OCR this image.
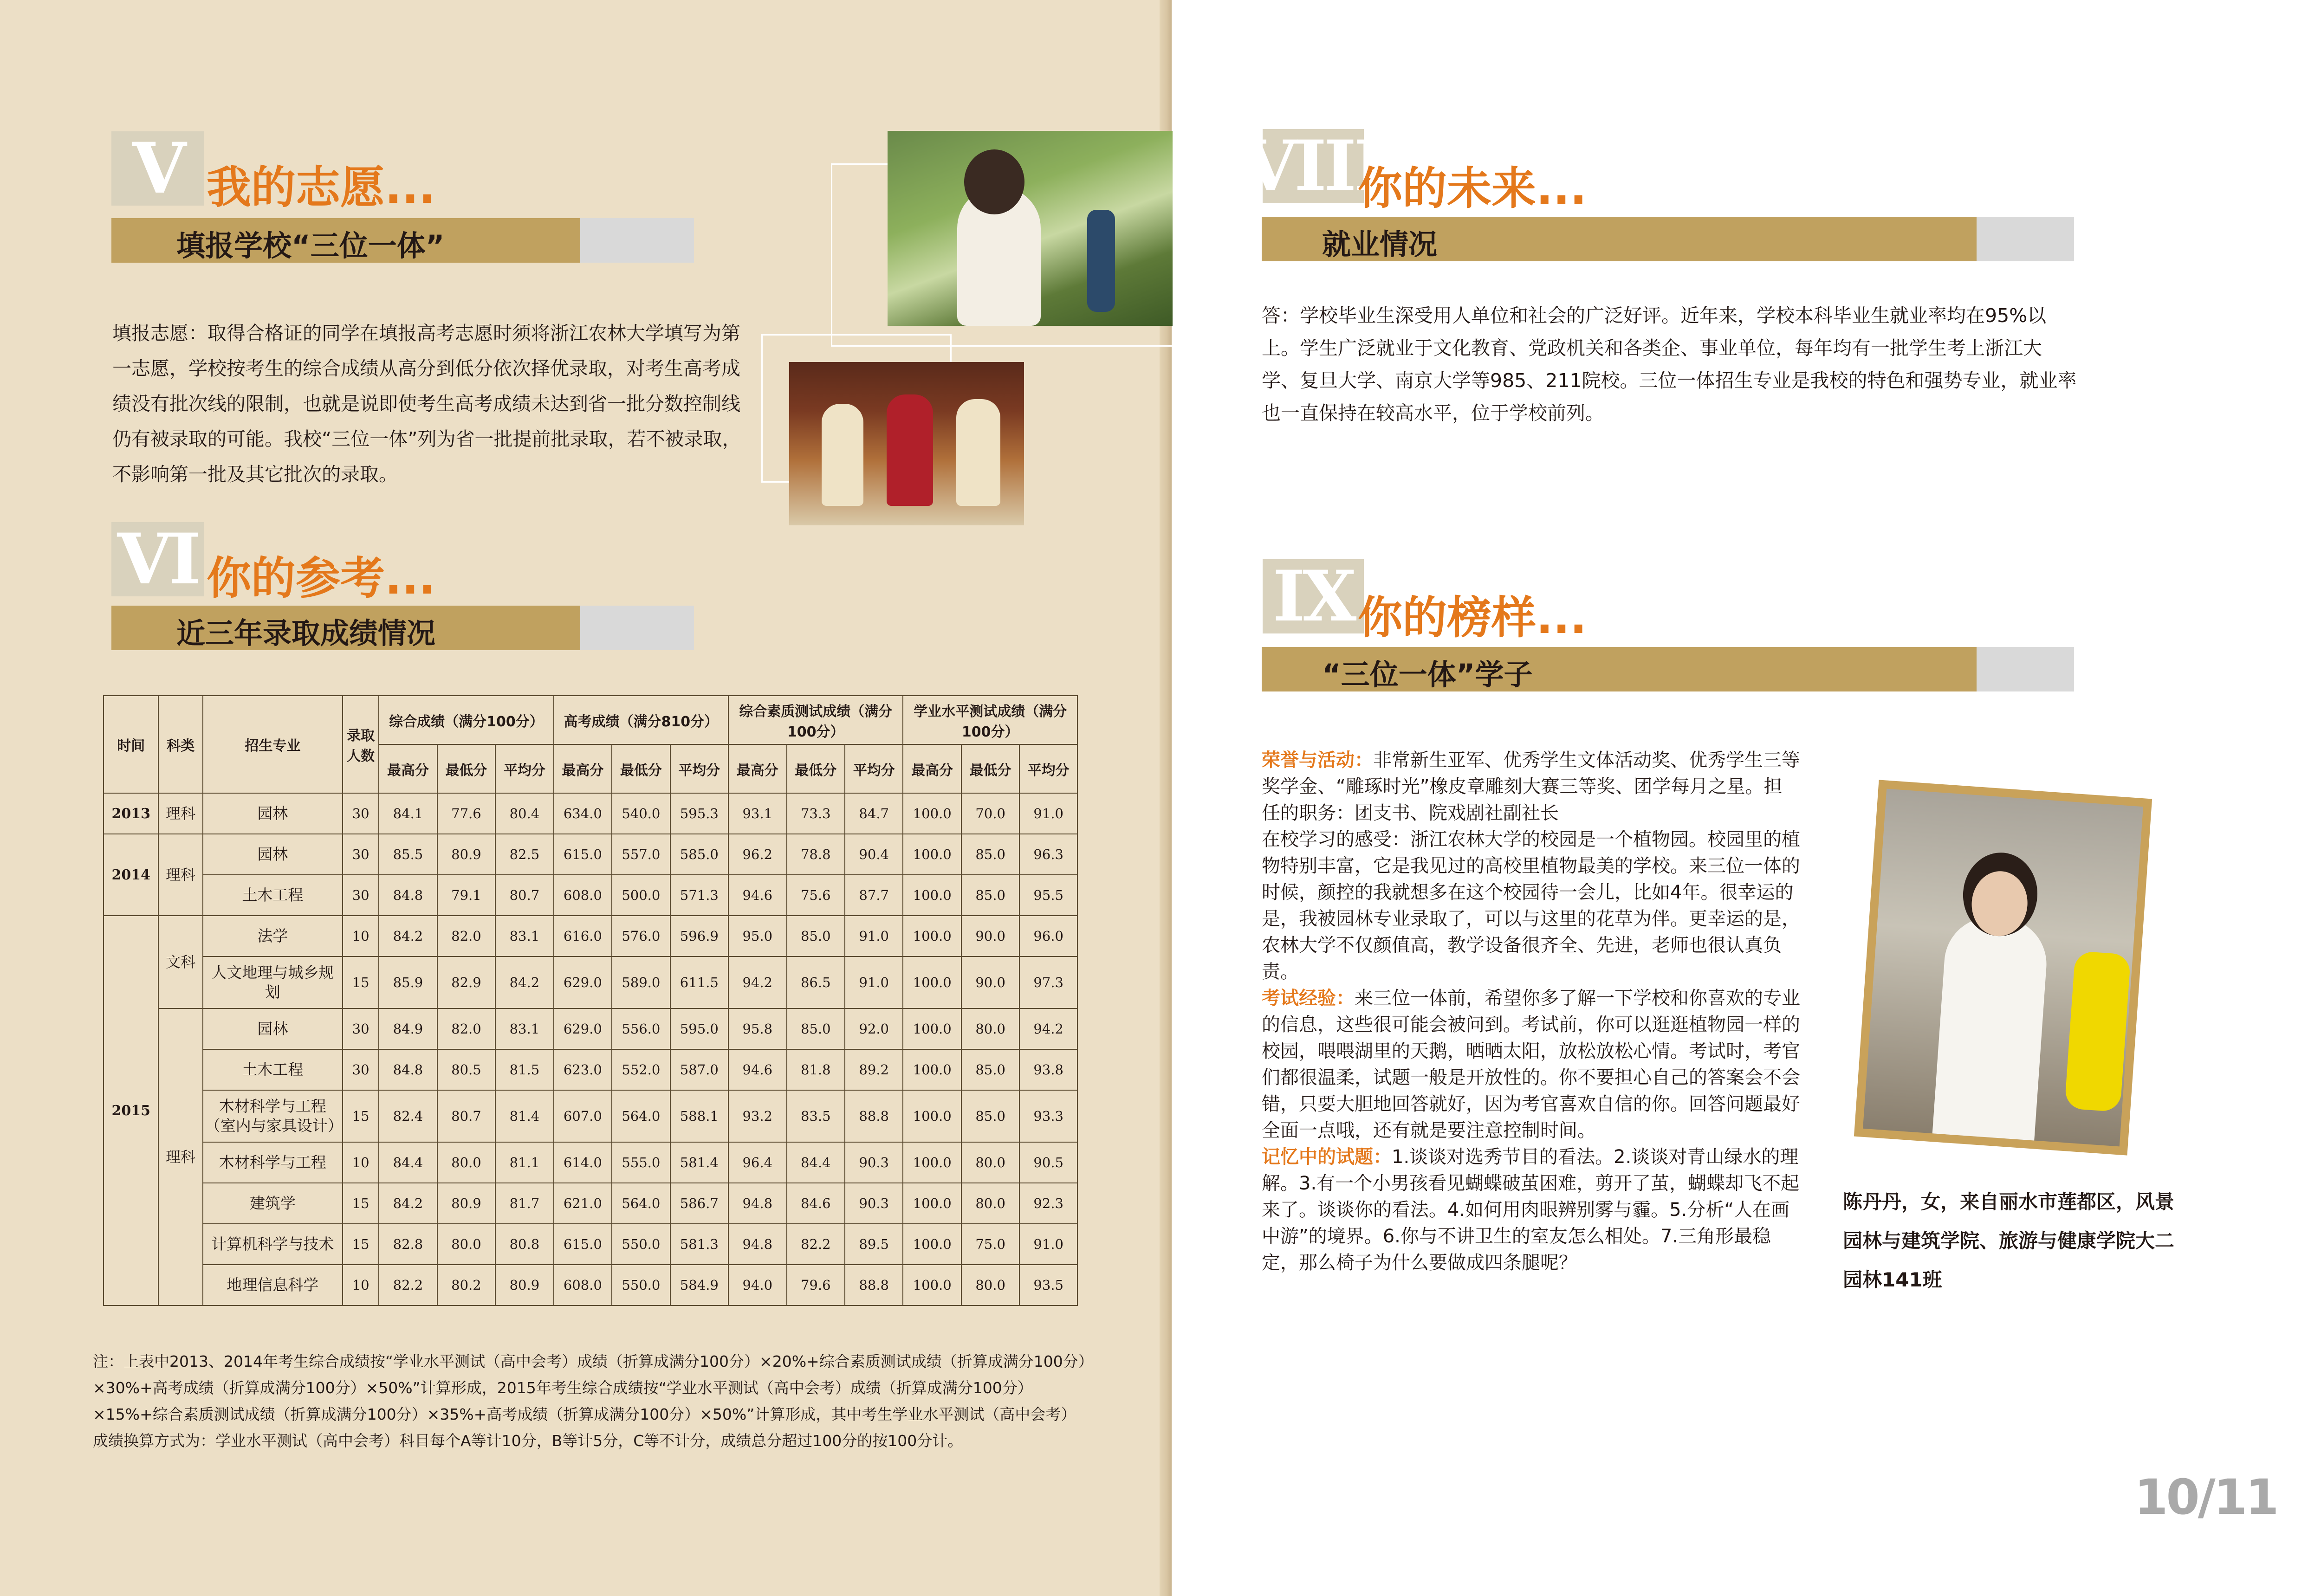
V 我的志愿...
填报学校“三位一体”
填报志愿：取得合格证的同学在填报高考志愿时须将浙江农林大学填写为第一志愿，学校按考生的综合成绩从高分到低分依次择优录取，对考生高考成绩没有批次线的限制，也就是说即使考生高考成绩未达到省一批分数控制线仍有被录取的可能。我校“三位一体”列为省一批提前批录取，若不被录取，不影响第一批及其它批次的录取。
VI 你的参考...
近三年录取成绩情况
时间	科类	招生专业	录取人数	综合成绩（满分100分）			高考成绩（满分810分）			综合素质测试成绩（满分100分）			学业水平测试成绩（满分100分）		
				最高分	最低分	平均分	最高分	最低分	平均分	最高分	最低分	平均分	最高分	最低分	平均分
2013	理科	园林	30	84.1	77.6	80.4	634.0	540.0	595.3	93.1	73.3	84.7	100.0	70.0	91.0
2014	理科	园林	30	85.5	80.9	82.5	615.0	557.0	585.0	96.2	78.8	90.4	100.0	85.0	96.3
		土木工程	30	84.8	79.1	80.7	608.0	500.0	571.3	94.6	75.6	87.7	100.0	85.0	95.5
2015	文科	法学	10	84.2	82.0	83.1	616.0	576.0	596.9	95.0	85.0	91.0	100.0	90.0	96.0
		人文地理与城乡规划	15	85.9	82.9	84.2	629.0	589.0	611.5	94.2	86.5	91.0	100.0	90.0	97.3
	理科	园林	30	84.9	82.0	83.1	629.0	556.0	595.0	95.8	85.0	92.0	100.0	80.0	94.2
		土木工程	30	84.8	80.5	81.5	623.0	552.0	587.0	94.6	81.8	89.2	100.0	85.0	93.8
		木材科学与工程（室内与家具设计）	15	82.4	80.7	81.4	607.0	564.0	588.1	93.2	83.5	88.8	100.0	85.0	93.3
		木材科学与工程	10	84.4	80.0	81.1	614.0	555.0	581.4	96.4	84.4	90.3	100.0	80.0	90.5
		建筑学	15	84.2	80.9	81.7	621.0	564.0	586.7	94.8	84.6	90.3	100.0	80.0	92.3
		计算机科学与技术	15	82.8	80.0	80.8	615.0	550.0	581.3	94.8	82.2	89.5	100.0	75.0	91.0
		地理信息科学	10	82.2	80.2	80.9	608.0	550.0	584.9	94.0	79.6	88.8	100.0	80.0	93.5
注：上表中2013、2014年考生综合成绩按“学业水平测试（高中会考）成绩（折算成满分100分）×20%+综合素质测试成绩（折算成满分100分）×30%+高考成绩（折算成满分100分）×50%”计算形成，2015年考生综合成绩按“学业水平测试（高中会考）成绩（折算成满分100分）×15%+综合素质测试成绩（折算成满分100分）×35%+高考成绩（折算成满分100分）×50%”计算形成，其中考生学业水平测试（高中会考）成绩换算方式为：学业水平测试（高中会考）科目每个A等计10分，B等计5分，C等不计分，成绩总分超过100分的按100分计。
VIII
你的未来...
就业情况
答：学校毕业生深受用人单位和社会的广泛好评。近年来，学校本科毕业生就业率均在95%以上。学生广泛就业于文化教育、党政机关和各类企、事业单位，每年均有一批学生考上浙江大学、复旦大学、南京大学等985、211院校。三位一体招生专业是我校的特色和强势专业，就业率也一直保持在较高水平，位于学校前列。
IX 你的榜样...
“三位一体”学子

荣誉与活动：非常新生亚军、优秀学生文体活动奖、优秀学生三等奖学金、“雕琢时光”橡皮章雕刻大赛三等奖、团学每月之星。担任的职务：团支书、院戏剧社副社长

在校学习的感受：浙江农林大学的校园是一个植物园。校园里的植物特别丰富，它是我见过的高校里植物最美的学校。来三位一体的时候，颜控的我就想多在这个校园待一会儿，比如4年。很幸运的是，我被园林专业录取了，可以与这里的花草为伴。更幸运的是，农林大学不仅颜值高，教学设备很齐全、先进，老师也很认真负责。

考试经验：来三位一体前，希望你多了解一下学校和你喜欢的专业的信息，这些很可能会被问到。考试前，你可以逛逛植物园一样的校园，喂喂湖里的天鹅，晒晒太阳，放松放松心情。考试时，考官们都很温柔，试题一般是开放性的。你不要担心自己的答案会不会错，只要大胆地回答就好，因为考官喜欢自信的你。回答问题最好全面一点哦，还有就是要注意控制时间。

记忆中的试题：1.谈谈对选秀节目的看法。2.谈谈对青山绿水的理解。3.有一个小男孩看见蝴蝶破茧困难，剪开了茧，蝴蝶却飞不起来了。谈谈你的看法。4.如何用肉眼辨别雾与霾。5.分析“人在画中游”的境界。6.你与不讲卫生的室友怎么相处。7.三角形最稳定，那么椅子为什么要做成四条腿呢？

陈丹丹，女，来自丽水市莲都区，风景园林与建筑学院、旅游与健康学院大二园林141班
10/11
